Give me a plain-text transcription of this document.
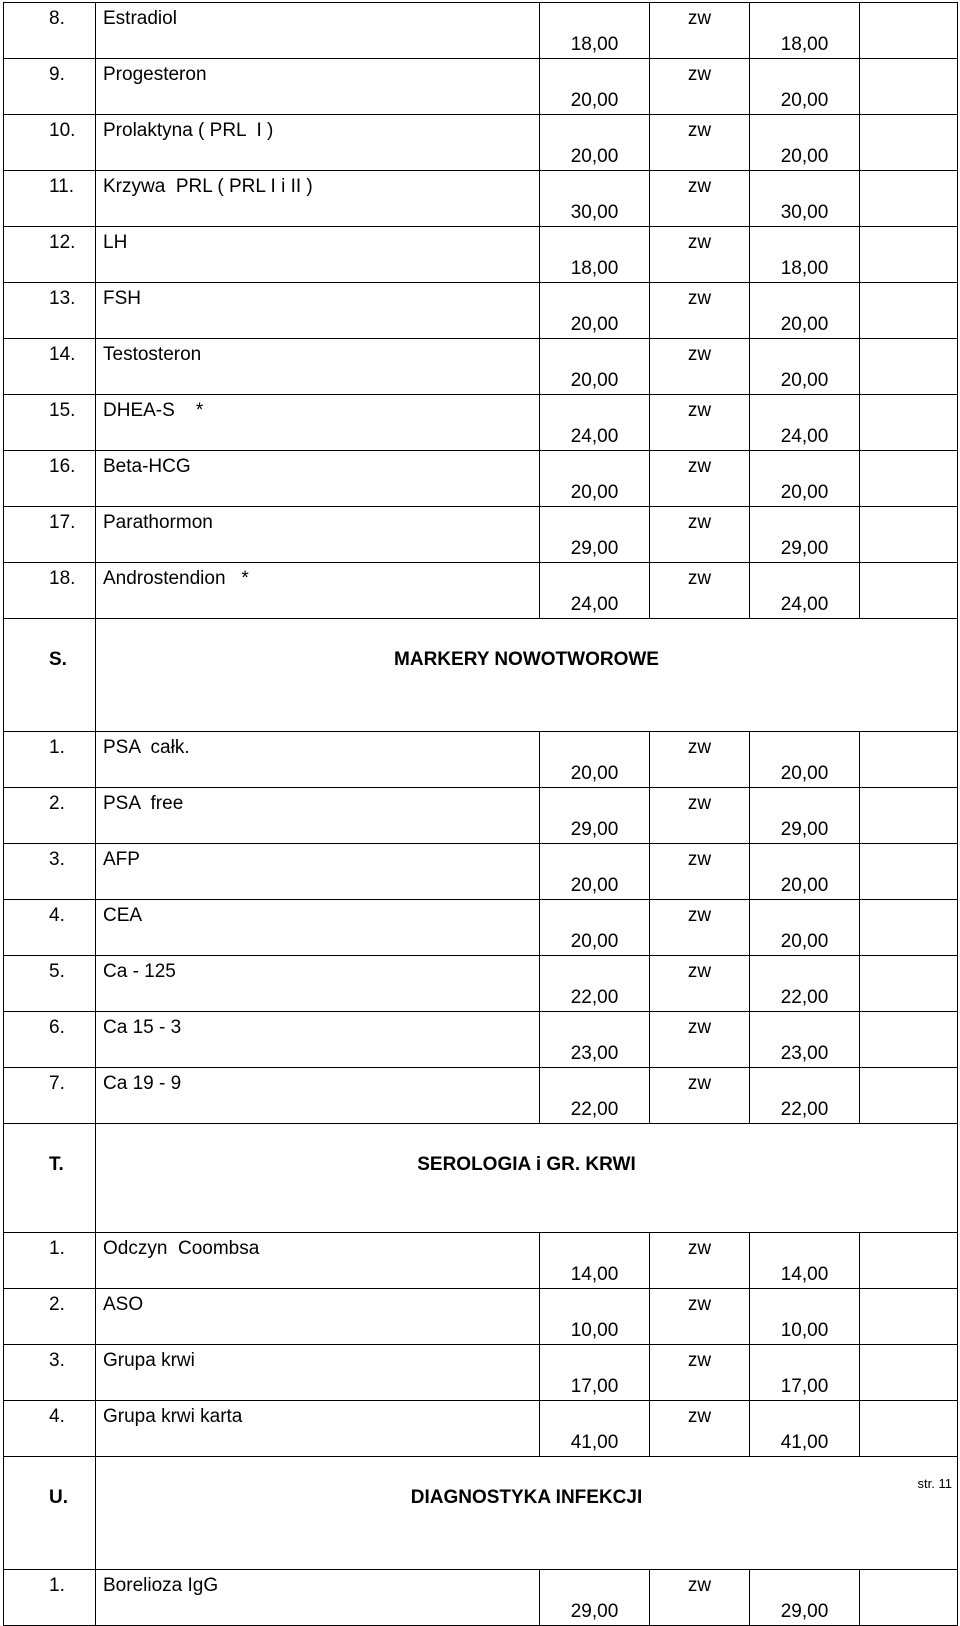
8.	Estradiol	18,00	zw	18,00	
9.	Progesteron	20,00	zw	20,00	
10.	Prolaktyna ( PRL  I )	20,00	zw	20,00	
11.	Krzywa  PRL ( PRL I i II )	30,00	zw	30,00	
12.	LH	18,00	zw	18,00	
13.	FSH	20,00	zw	20,00	
14.	Testosteron	20,00	zw	20,00	
15.	DHEA-S    *	24,00	zw	24,00	
16.	Beta-HCG	20,00	zw	20,00	
17.	Parathormon	29,00	zw	29,00	
18.	Androstendion   *	24,00	zw	24,00	
S.	MARKERY NOWOTWOROWE				
1.	PSA  całk.	20,00	zw	20,00	
2.	PSA  free	29,00	zw	29,00	
3.	AFP	20,00	zw	20,00	
4.	CEA	20,00	zw	20,00	
5.	Ca - 125	22,00	zw	22,00	
6.	Ca 15 - 3	23,00	zw	23,00	
7.	Ca 19 - 9	22,00	zw	22,00	
T.	SEROLOGIA i GR. KRWI				
1.	Odczyn  Coombsa	14,00	zw	14,00	
2.	ASO	10,00	zw	10,00	
3.	Grupa krwi	17,00	zw	17,00	
4.	Grupa krwi karta	41,00	zw	41,00	
U.	DIAGNOSTYKA INFEKCJI				
1.	Borelioza IgG	29,00	zw	29,00	
str. 11
